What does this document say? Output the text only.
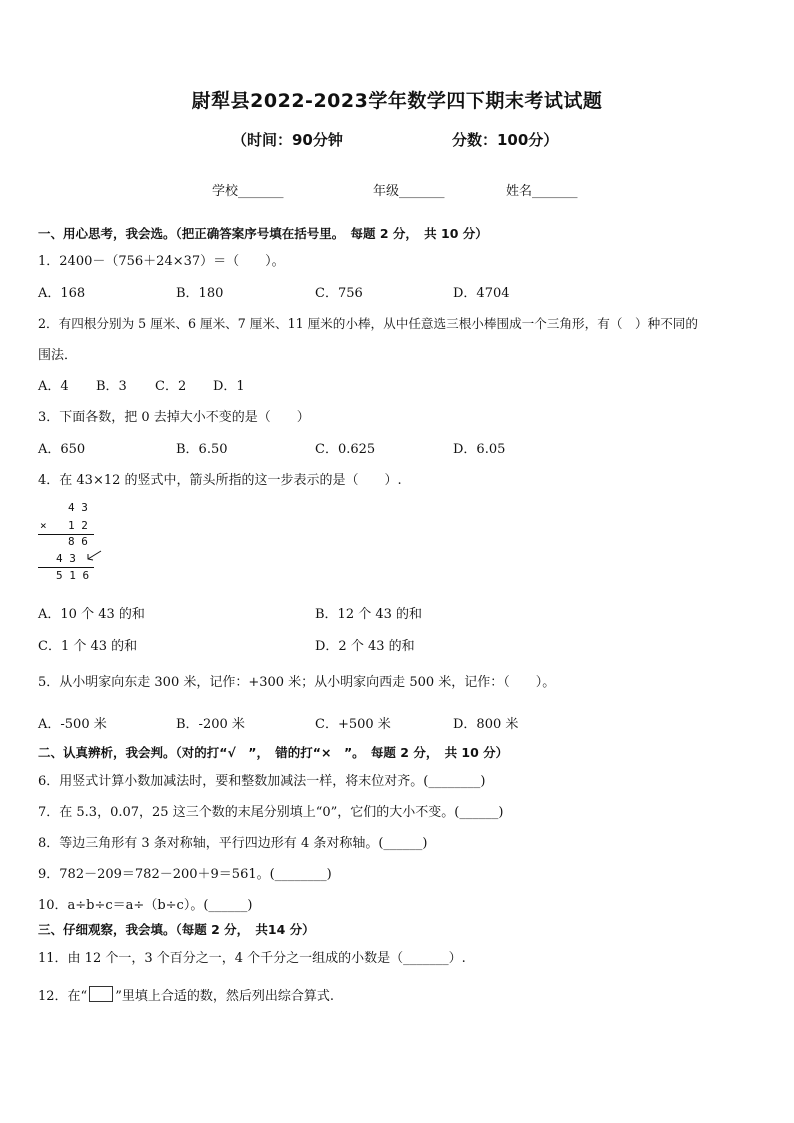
尉犁县2022-2023学年数学四下期末考试试题
（时间：90分钟	分数：100分）
学校_______	年级_______	姓名_______
一、用心思考，我会选。（把正确答案序号填在括号里。　每题 2 分，　共 10 分）
1．2400－（756＋24×37）＝（　　）。
A．168	B．180	C．756	D．4704
2．有四根分别为 5 厘米、6 厘米、7 厘米、11 厘米的小棒，从中任意选三根小棒围成一个三角形，有（　）种不同的
围法．
A．4 B．3 C．2 D．1
3．下面各数，把 0 去掉大小不变的是（　　）
A．650	B．6.50	C．0.625	D．6.05
4．在 43×12 的竖式中，箭头所指的这一步表示的是（　　）.
4 3
× 1 2
8 6
4 3
5 1 6
A．10 个 43 的和	B．12 个 43 的和
C．1 个 43 的和	D．2 个 43 的和
5．从小明家向东走 300 米，记作：+300 米；从小明家向西走 500 米，记作：（　　）。
A．-500 米	B．-200 米	C．+500 米	D．800 米
二、认真辨析，我会判。（对的打“√　”，　错的打“×　”。　每题 2 分，　共 10 分）
6．用竖式计算小数加减法时，要和整数加减法一样，将末位对齐。(________)
7．在 5.3，0.07，25 这三个数的末尾分别填上“0”，它们的大小不变。(______)
8．等边三角形有 3 条对称轴，平行四边形有 4 条对称轴。(______)
9．782－209＝782－200＋9＝561。(________)
10．a÷b÷c＝a÷（b÷c）。(______)
三、仔细观察，我会填。（每题 2 分，　共14 分）
11．由 12 个一，3 个百分之一，4 个千分之一组成的小数是（_______）.
12．在“ ”里填上合适的数，然后列出综合算式.
